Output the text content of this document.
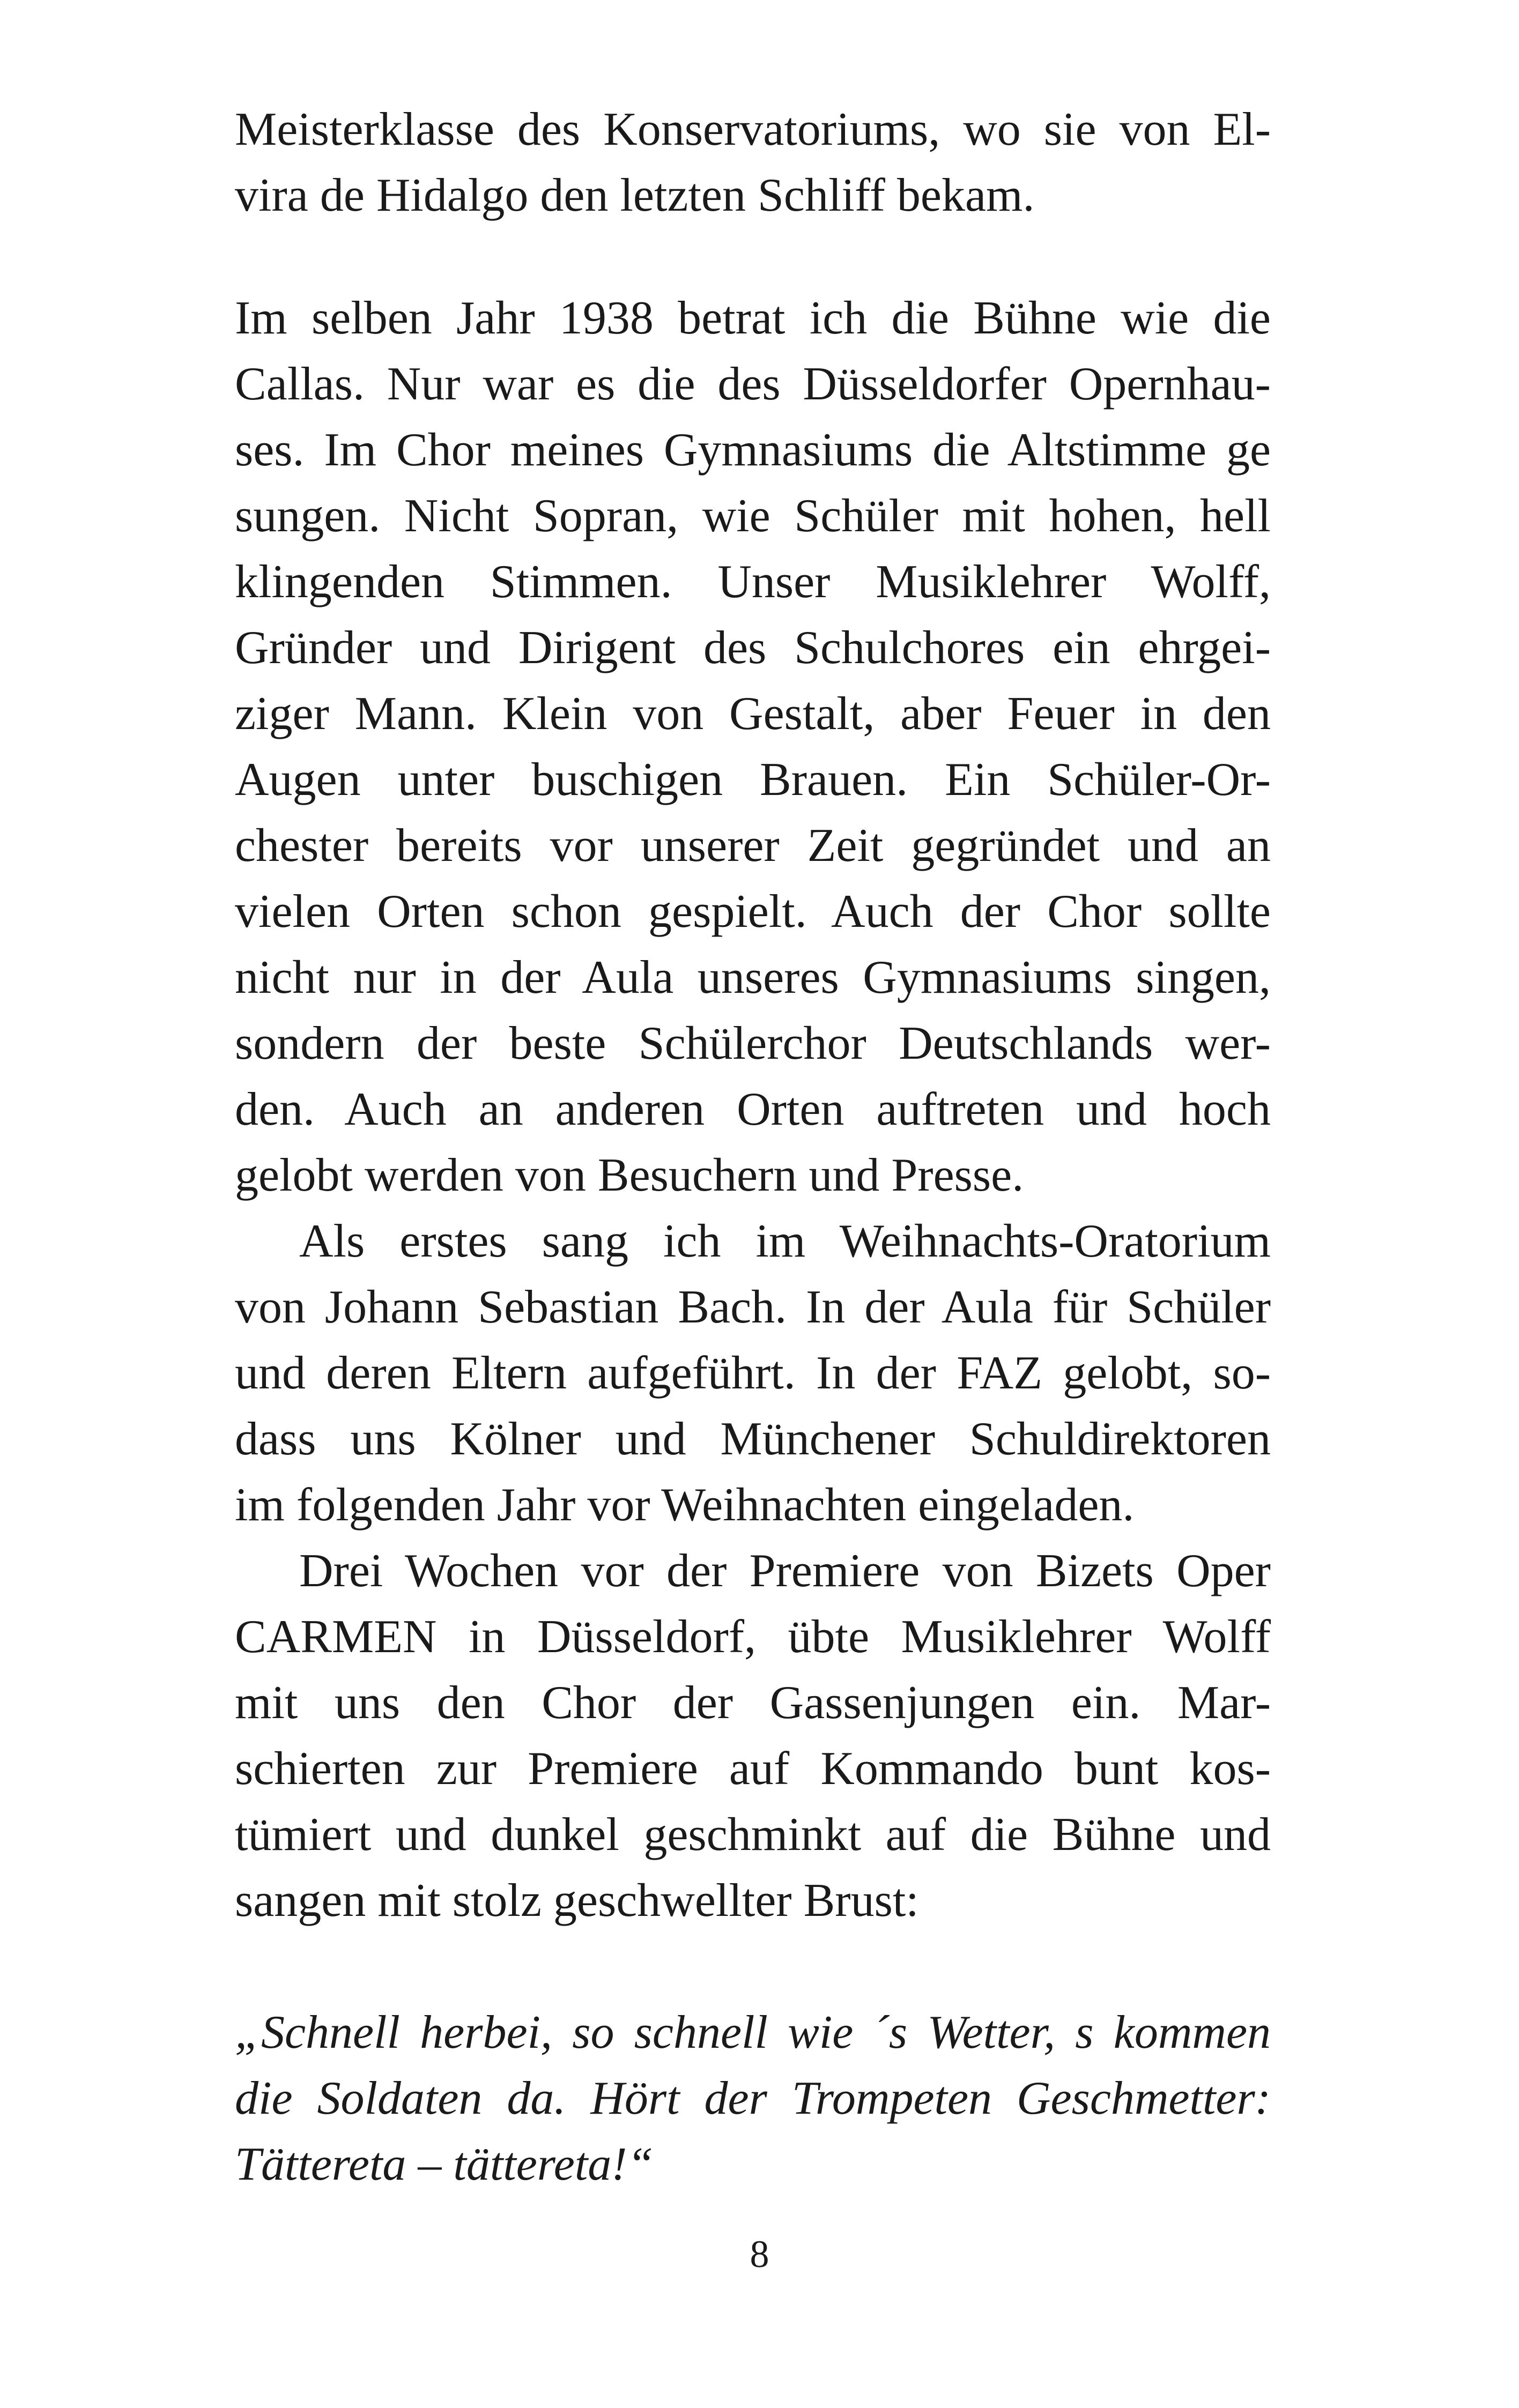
Meisterklasse des Konservatoriums, wo sie von El-
vira de Hidalgo den letzten Schliff bekam.
Im selben Jahr 1938 betrat ich die Bühne wie die
Callas. Nur war es die des Düsseldorfer Opernhau-
ses. Im Chor meines Gymnasiums die Altstimme ge
sungen. Nicht Sopran, wie Schüler mit hohen, hell
klingenden Stimmen. Unser Musiklehrer Wolff,
Gründer und Dirigent des Schulchores ein ehrgei-
ziger Mann. Klein von Gestalt, aber Feuer in den
Augen unter buschigen Brauen. Ein Schüler-Or-
chester bereits vor unserer Zeit gegründet und an
vielen Orten schon gespielt. Auch der Chor sollte
nicht nur in der Aula unseres Gymnasiums singen,
sondern der beste Schülerchor Deutschlands wer-
den. Auch an anderen Orten auftreten und hoch
gelobt werden von Besuchern und Presse.
Als erstes sang ich im Weihnachts-Oratorium
von Johann Sebastian Bach. In der Aula für Schüler
und deren Eltern aufgeführt. In der FAZ gelobt, so-
dass uns Kölner und Münchener Schuldirektoren
im folgenden Jahr vor Weihnachten eingeladen.
Drei Wochen vor der Premiere von Bizets Oper
CARMEN in Düsseldorf, übte Musiklehrer Wolff
mit uns den Chor der Gassenjungen ein. Mar-
schierten zur Premiere auf Kommando bunt kos-
tümiert und dunkel geschminkt auf die Bühne und
sangen mit stolz geschwellter Brust:
„Schnell herbei, so schnell wie ´s Wetter, s kommen
die Soldaten da. Hört der Trompeten Geschmetter:
Tättereta – tättereta!“
8
